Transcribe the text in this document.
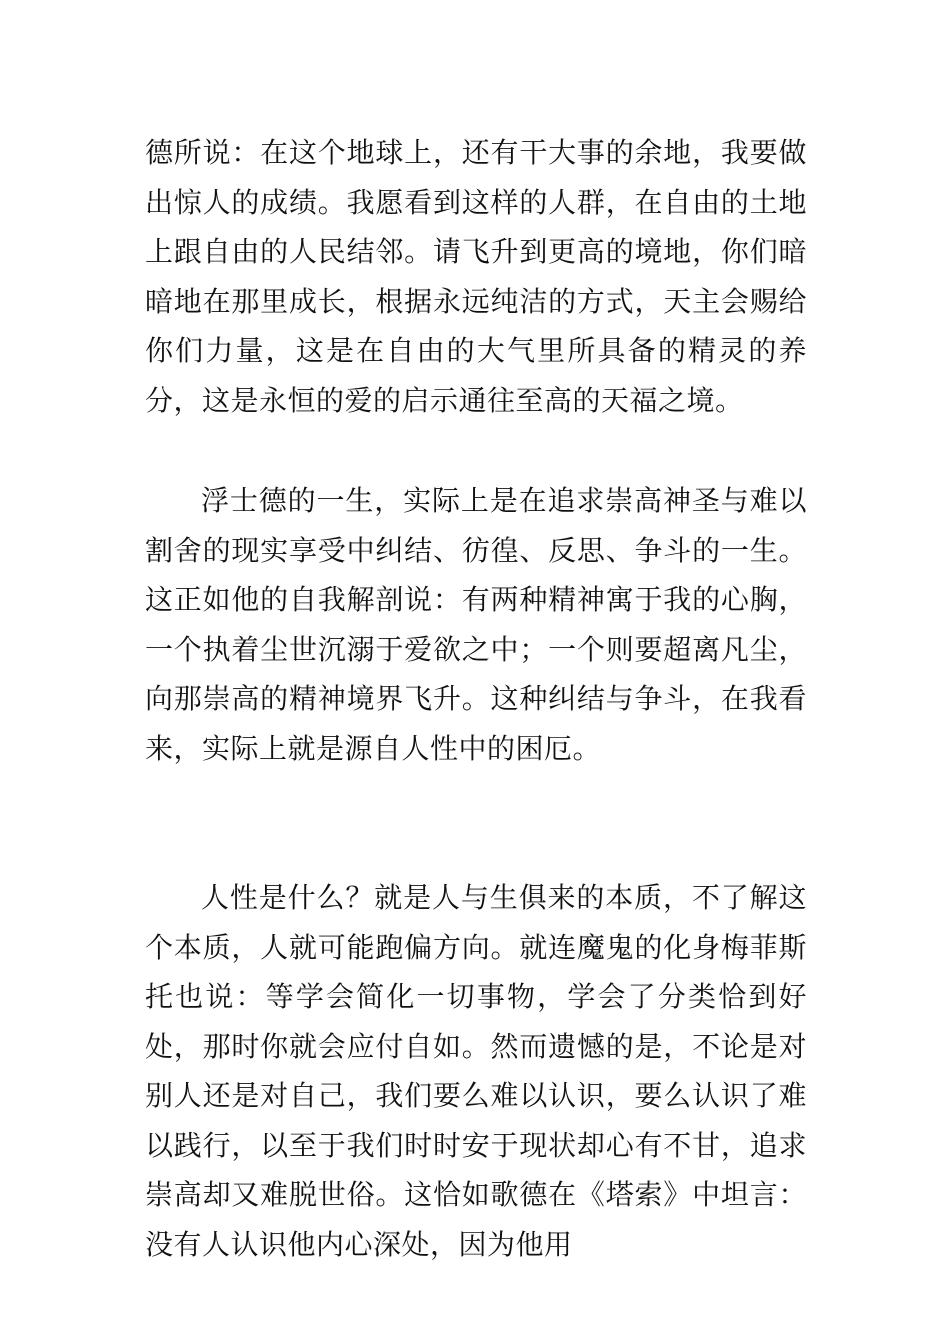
德所说：在这个地球上，还有干大事的余地，我要做出惊人的成绩。我愿看到这样的人群，在自由的土地上跟自由的人民结邻。请飞升到更高的境地，你们暗暗地在那里成长，根据永远纯洁的方式，天主会赐给你们力量，这是在自由的大气里所具备的精灵的养分，这是永恒的爱的启示通往至高的天福之境。

浮士德的一生，实际上是在追求崇高神圣与难以割舍的现实享受中纠结、彷徨、反思、争斗的一生。这正如他的自我解剖说：有两种精神寓于我的心胸，一个执着尘世沉溺于爱欲之中；一个则要超离凡尘，向那崇高的精神境界飞升。这种纠结与争斗，在我看来，实际上就是源自人性中的困厄。

人性是什么？就是人与生俱来的本质，不了解这个本质，人就可能跑偏方向。就连魔鬼的化身梅菲斯托也说：等学会简化一切事物，学会了分类恰到好处，那时你就会应付自如。然而遗憾的是，不论是对别人还是对自己，我们要么难以认识，要么认识了难以践行，以至于我们时时安于现状却心有不甘，追求崇高却又难脱世俗。这恰如歌德在《塔索》中坦言：没有人认识他内心深处，因为他用
